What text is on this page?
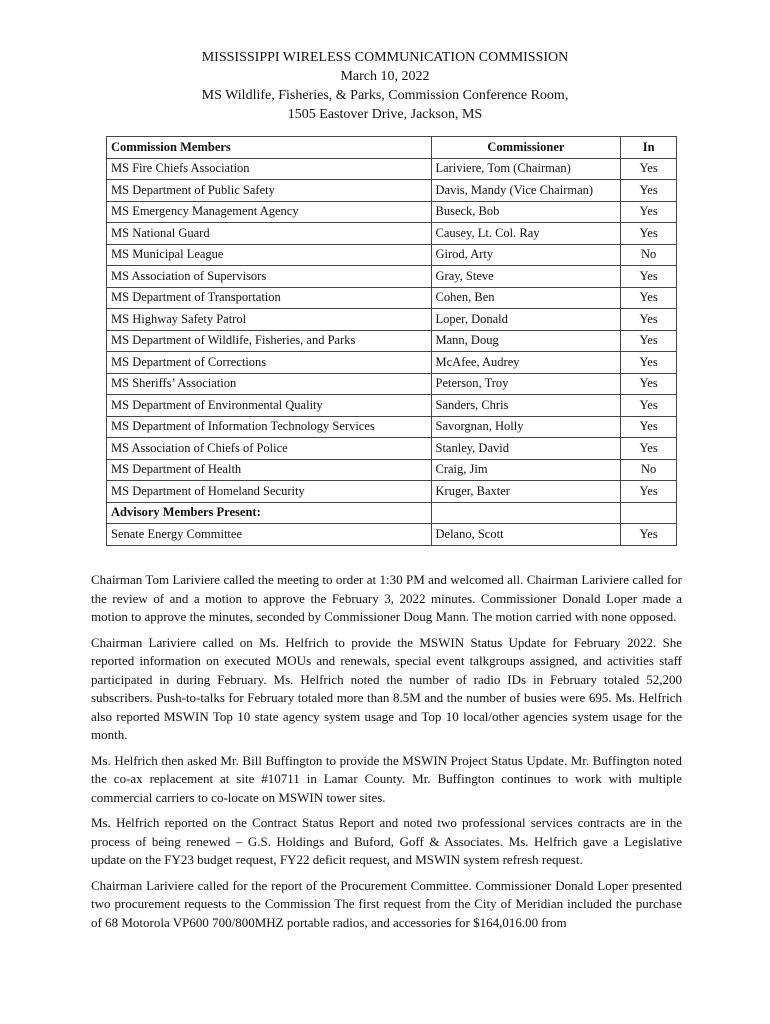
MISSISSIPPI WIRELESS COMMUNICATION COMMISSION
March 10, 2022
MS Wildlife, Fisheries, & Parks, Commission Conference Room,
1505 Eastover Drive, Jackson, MS
Commission Members	Commissioner	In
MS Fire Chiefs Association	Lariviere, Tom (Chairman)	Yes
MS Department of Public Safety	Davis, Mandy (Vice Chairman)	Yes
MS Emergency Management Agency	Buseck, Bob	Yes
MS National Guard	Causey, Lt. Col. Ray	Yes
MS Municipal League	Girod, Arty	No
MS Association of Supervisors	Gray, Steve	Yes
MS Department of Transportation	Cohen, Ben	Yes
MS Highway Safety Patrol	Loper, Donald	Yes
MS Department of Wildlife, Fisheries, and Parks	Mann, Doug	Yes
MS Department of Corrections	McAfee, Audrey	Yes
MS Sheriffs’ Association	Peterson, Troy	Yes
MS Department of Environmental Quality	Sanders, Chris	Yes
MS Department of Information Technology Services	Savorgnan, Holly	Yes
MS Association of Chiefs of Police	Stanley, David	Yes
MS Department of Health	Craig, Jim	No
MS Department of Homeland Security	Kruger, Baxter	Yes
Advisory Members Present:		
Senate Energy Committee	Delano, Scott	Yes

Chairman Tom Lariviere called the meeting to order at 1:30 PM and welcomed all. Chairman Lariviere called for the review of and a motion to approve the February 3, 2022 minutes. Commissioner Donald Loper made a motion to approve the minutes, seconded by Commissioner Doug Mann. The motion carried with none opposed.

Chairman Lariviere called on Ms. Helfrich to provide the MSWIN Status Update for February 2022. She reported information on executed MOUs and renewals, special event talkgroups assigned, and activities staff participated in during February. Ms. Helfrich noted the number of radio IDs in February totaled 52,200 subscribers. Push-to-talks for February totaled more than 8.5M and the number of busies were 695. Ms. Helfrich also reported MSWIN Top 10 state agency system usage and Top 10 local/other agencies system usage for the month.

Ms. Helfrich then asked Mr. Bill Buffington to provide the MSWIN Project Status Update. Mr. Buffington noted the co-ax replacement at site #10711 in Lamar County. Mr. Buffington continues to work with multiple commercial carriers to co-locate on MSWIN tower sites.

Ms. Helfrich reported on the Contract Status Report and noted two professional services contracts are in the process of being renewed – G.S. Holdings and Buford, Goff & Associates. Ms. Helfrich gave a Legislative update on the FY23 budget request, FY22 deficit request, and MSWIN system refresh request.

Chairman Lariviere called for the report of the Procurement Committee. Commissioner Donald Loper presented two procurement requests to the Commission The first request from the City of Meridian included the purchase of 68 Motorola VP600 700/800MHZ portable radios, and accessories for $164,016.00 from
